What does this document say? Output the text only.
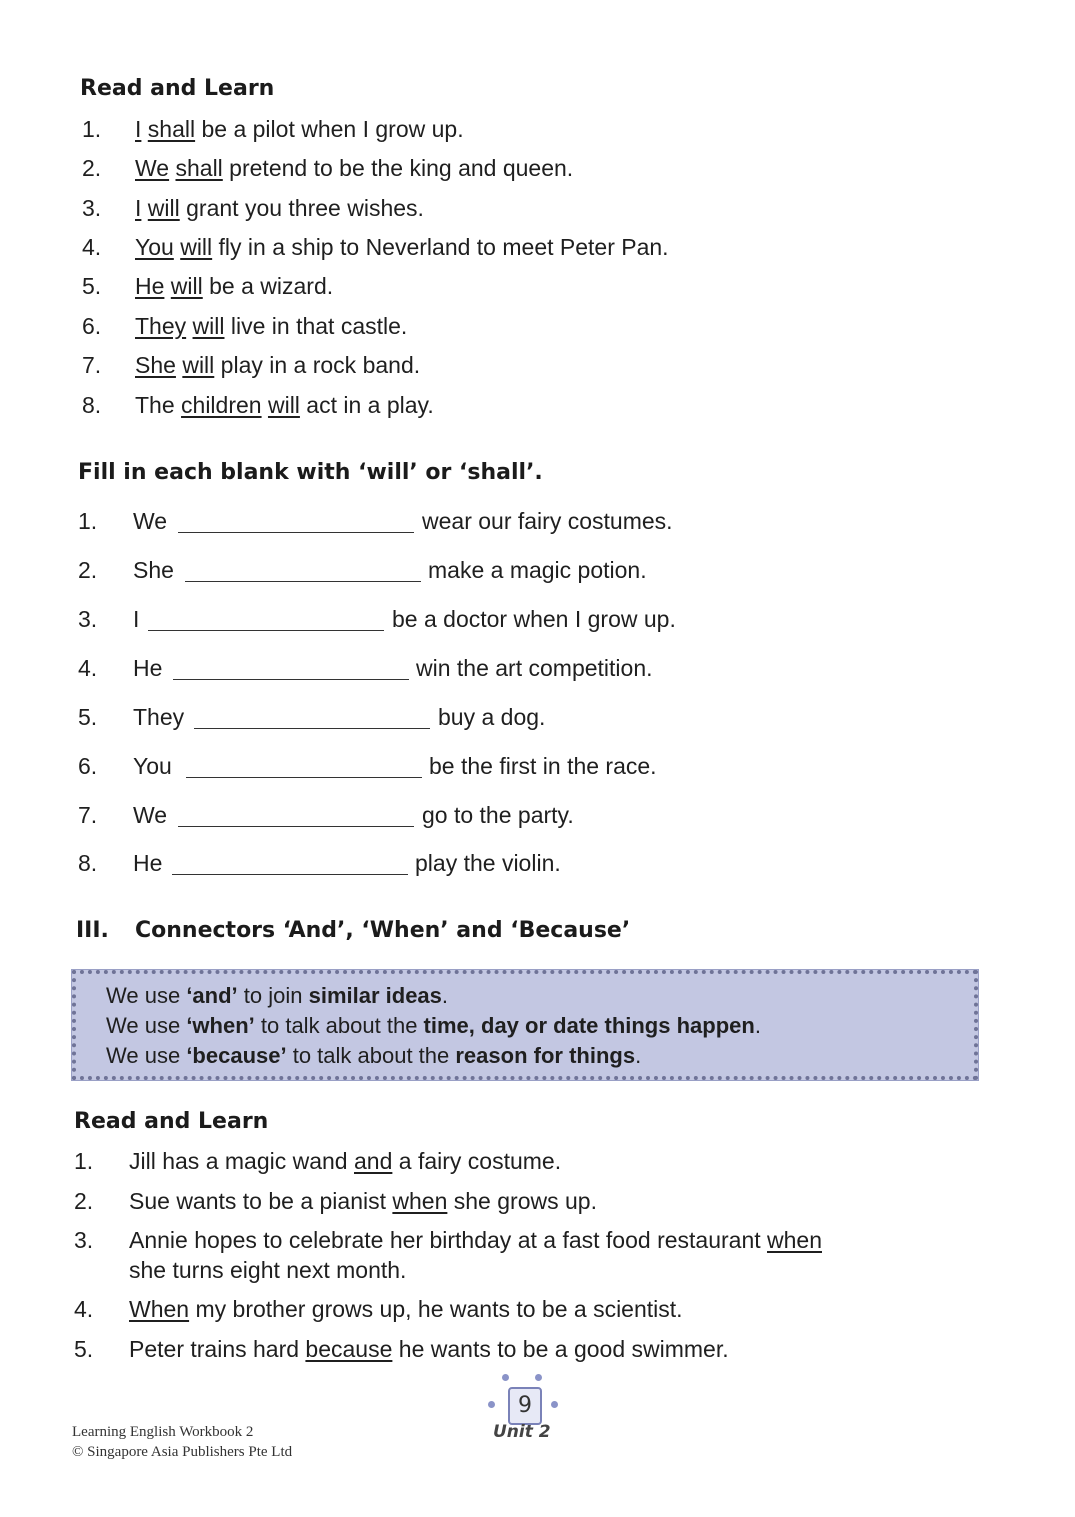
Read and Learn
1.	I shall be a pilot when I grow up.
2.	We shall pretend to be the king and queen.
3.	I will grant you three wishes.
4.	You will fly in a ship to Neverland to meet Peter Pan.
5.	He will be a wizard.
6.	They will live in that castle.
7.	She will play in a rock band.
8.	The children will act in a play.
Fill in each blank with ‘will’ or ‘shall’.
1.	We	wear our fairy costumes.
2.	She	make a magic potion.
3.	I	be a doctor when I grow up.
4.	He	win the art competition.
5.	They	buy a dog.
6.	You	be the first in the race.
7.	We	go to the party.
8.	He	play the violin.
III. Connectors ‘And’, ‘When’ and ‘Because’
We use ‘and’ to join similar ideas.
We use ‘when’ to talk about the time, day or date things happen.
We use ‘because’ to talk about the reason for things.
Read and Learn
1.	Jill has a magic wand and a fairy costume.
2.	Sue wants to be a pianist when she grows up.
3.	Annie hopes to celebrate her birthday at a fast food restaurant when
she turns eight next month.
4.	When my brother grows up, he wants to be a scientist.
5.	Peter trains hard because he wants to be a good swimmer.
9
Unit 2
Learning English Workbook 2
© Singapore Asia Publishers Pte Ltd
